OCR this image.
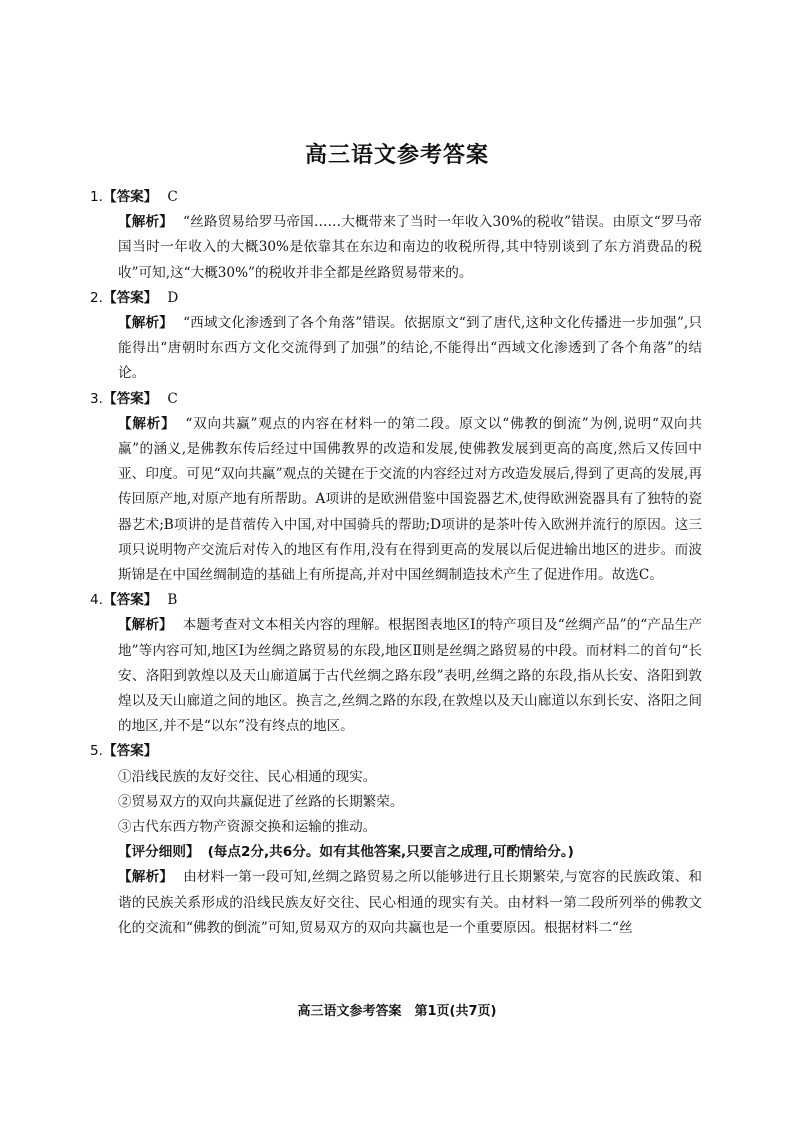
高三语文参考答案
1.【答案】 C
【解析】 “丝路贸易给罗马帝国……大概带来了当时一年收入30%的税收”错误。由原文“罗马帝国当时一年收入的大概30%是依靠其在东边和南边的收税所得,其中特别谈到了东方消费品的税收”可知,这“大概30%”的税收并非全都是丝路贸易带来的。
2.【答案】 D
【解析】 “西域文化渗透到了各个角落”错误。依据原文“到了唐代,这种文化传播进一步加强”,只能得出“唐朝时东西方文化交流得到了加强”的结论,不能得出“西域文化渗透到了各个角落”的结论。
3.【答案】 C
【解析】 “双向共赢”观点的内容在材料一的第二段。原文以“佛教的倒流”为例,说明“双向共赢”的涵义,是佛教东传后经过中国佛教界的改造和发展,使佛教发展到更高的高度,然后又传回中亚、印度。可见“双向共赢”观点的关键在于交流的内容经过对方改造发展后,得到了更高的发展,再传回原产地,对原产地有所帮助。A项讲的是欧洲借鉴中国瓷器艺术,使得欧洲瓷器具有了独特的瓷器艺术;B项讲的是苜蓿传入中国,对中国骑兵的帮助;D项讲的是茶叶传入欧洲并流行的原因。这三项只说明物产交流后对传入的地区有作用,没有在得到更高的发展以后促进输出地区的进步。而波斯锦是在中国丝绸制造的基础上有所提高,并对中国丝绸制造技术产生了促进作用。故选C。
4.【答案】 B
【解析】 本题考查对文本相关内容的理解。根据图表地区Ⅰ的特产项目及“丝绸产品”的“产品生产地”等内容可知,地区Ⅰ为丝绸之路贸易的东段,地区Ⅱ则是丝绸之路贸易的中段。而材料二的首句“长安、洛阳到敦煌以及天山廊道属于古代丝绸之路东段”表明,丝绸之路的东段,指从长安、洛阳到敦煌以及天山廊道之间的地区。换言之,丝绸之路的东段,在敦煌以及天山廊道以东到长安、洛阳之间的地区,并不是“以东”没有终点的地区。
5.【答案】
①沿线民族的友好交往、民心相通的现实。
②贸易双方的双向共赢促进了丝路的长期繁荣。
③古代东西方物产资源交换和运输的推动。
【评分细则】 (每点2分,共6分。如有其他答案,只要言之成理,可酌情给分。)
【解析】 由材料一第一段可知,丝绸之路贸易之所以能够进行且长期繁荣,与宽容的民族政策、和谐的民族关系形成的沿线民族友好交往、民心相通的现实有关。由材料一第二段所列举的佛教文化的交流和“佛教的倒流”可知,贸易双方的双向共赢也是一个重要原因。根据材料二“丝
高三语文参考答案　第1页(共7页)
